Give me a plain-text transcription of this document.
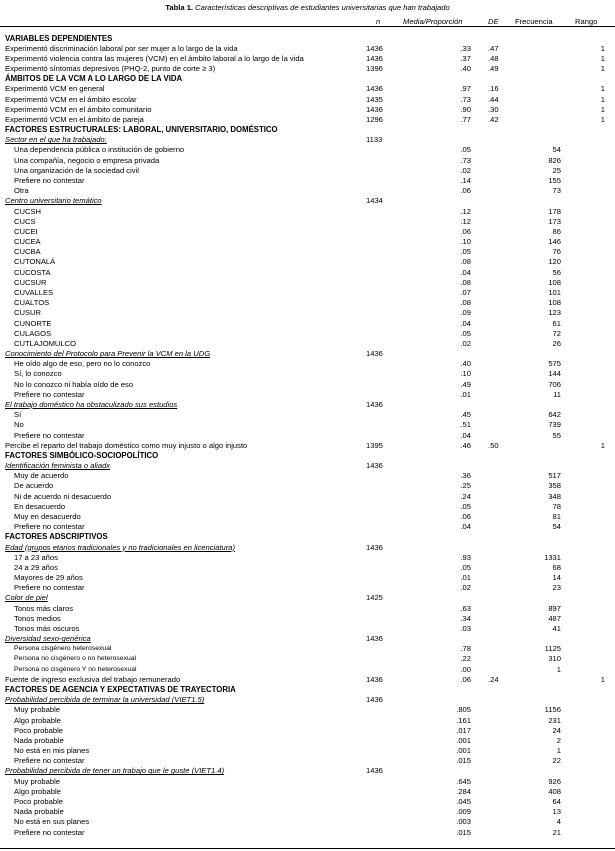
Tabla 1. Características descriptivas de estudiantes universitarias que han trabajado
n	Media/Proporción	DE Frecuencia	Rango
VARIABLES DEPENDIENTES
Experimentó discriminación laboral por ser mujer a lo largo de la vida	1436	.33 .47	1
Experimentó violencia contra las mujeres (VCM) en el ámbito laboral a lo largo de la vida	1436	.37 .48	1
Experimentó síntomas depresivos (PHQ-2, punto de corte ≥ 3)	1396	.40 .49	1
ÁMBITOS DE LA VCM A LO LARGO DE LA VIDA
Experimentó VCM en general	1436	.97 .16	1
Experimentó VCM en el ámbito escolar	1435	.73 .44	1
Experimentó VCM en el ámbito comunitario	1436	.90 .30	1
Experimentó VCM en el ámbito de pareja	1296	.77 .42	1
FACTORES ESTRUCTURALES: LABORAL, UNIVERSITARIO, DOMÉSTICO
Sector en el que ha trabajado:	1133
Una dependencia pública o institución de gobierno	.05	54
Una compañía, negocio o empresa privada	.73	826
Una organización de la sociedad civil	.02	25
Prefiere no contestar	.14	155
Otra	.06	73
Centro universitario temático	1434
CUCSH	.12	178
CUCS	.12	173
CUCEI	.06	86
CUCEA	.10	146
CUCBA	.05	76
CUTONALÁ	.08	120
CUCOSTA	.04	56
CUCSUR	.08	108
CUVALLES	.07	101
CUALTOS	.08	108
CUSUR	.09	123
CUNORTE	.04	61
CULAGOS	.05	72
CUTLAJOMULCO	.02	26
Conocimiento del Protocolo para Prevenir la VCM en la UDG	1436
He oído algo de eso, pero no lo conozco	.40	575
Sí, lo conozco	.10	144
No lo conozco ni había oído de eso	.49	706
Prefiere no contestar	.01	11
El trabajo doméstico ha obstaculizado sus estudios	1436
Sí	.45	642
No	.51	739
Prefiere no contestar	.04	55
Percibe el reparto del trabajo doméstico como muy injusto o algo injusto	1395	.46 .50	1
FACTORES SIMBÓLICO-SOCIOPOLÍTICO
Identificación feminista o aliadx	1436
Muy de acuerdo	.36	517
De acuerdo	.25	358
Ni de acuerdo ni desacuerdo	.24	348
En desacuerdo	.05	78
Muy en desacuerdo	.06	81
Prefiere no contestar	.04	54
FACTORES ADSCRIPTIVOS
Edad (grupos etarios tradicionales y no tradicionales en licenciatura)	1436
17 a 23 años	.93	1331
24 a 29 años	.05	68
Mayores de 29 años	.01	14
Prefiere no contestar	.02	23
Color de piel	1425
Tonos más claros	.63	897
Tonos medios	.34	487
Tonos más oscuros	.03	41
Diversidad sexo-genérica	1436
Persona cisgénero heterosexual	.78	1125
Persona no cisgénero o no heterosexual	.22	310
Persona no cisgénero Y no heterosexual	.00	1
Fuente de ingreso exclusiva del trabajo remunerado	1436	.06 .24	1
FACTORES DE AGENCIA Y EXPECTATIVAS DE TRAYECTORIA
Probabilidad percibida de terminar la universidad (VIET1.5)	1436
Muy probable	.805	1156
Algo probable	.161	231
Poco probable	.017	24
Nada probable	.001	2
No está en mis planes	.001	1
Prefiere no contestar	.015	22
Probabilidad percibida de tener un trabajo que le guste (VIET1.4)	1436
Muy probable	.645	926
Algo probable	.284	408
Poco probable	.045	64
Nada probable	.009	13
No está en sus planes	.003	4
Prefiere no contestar	.015	21
